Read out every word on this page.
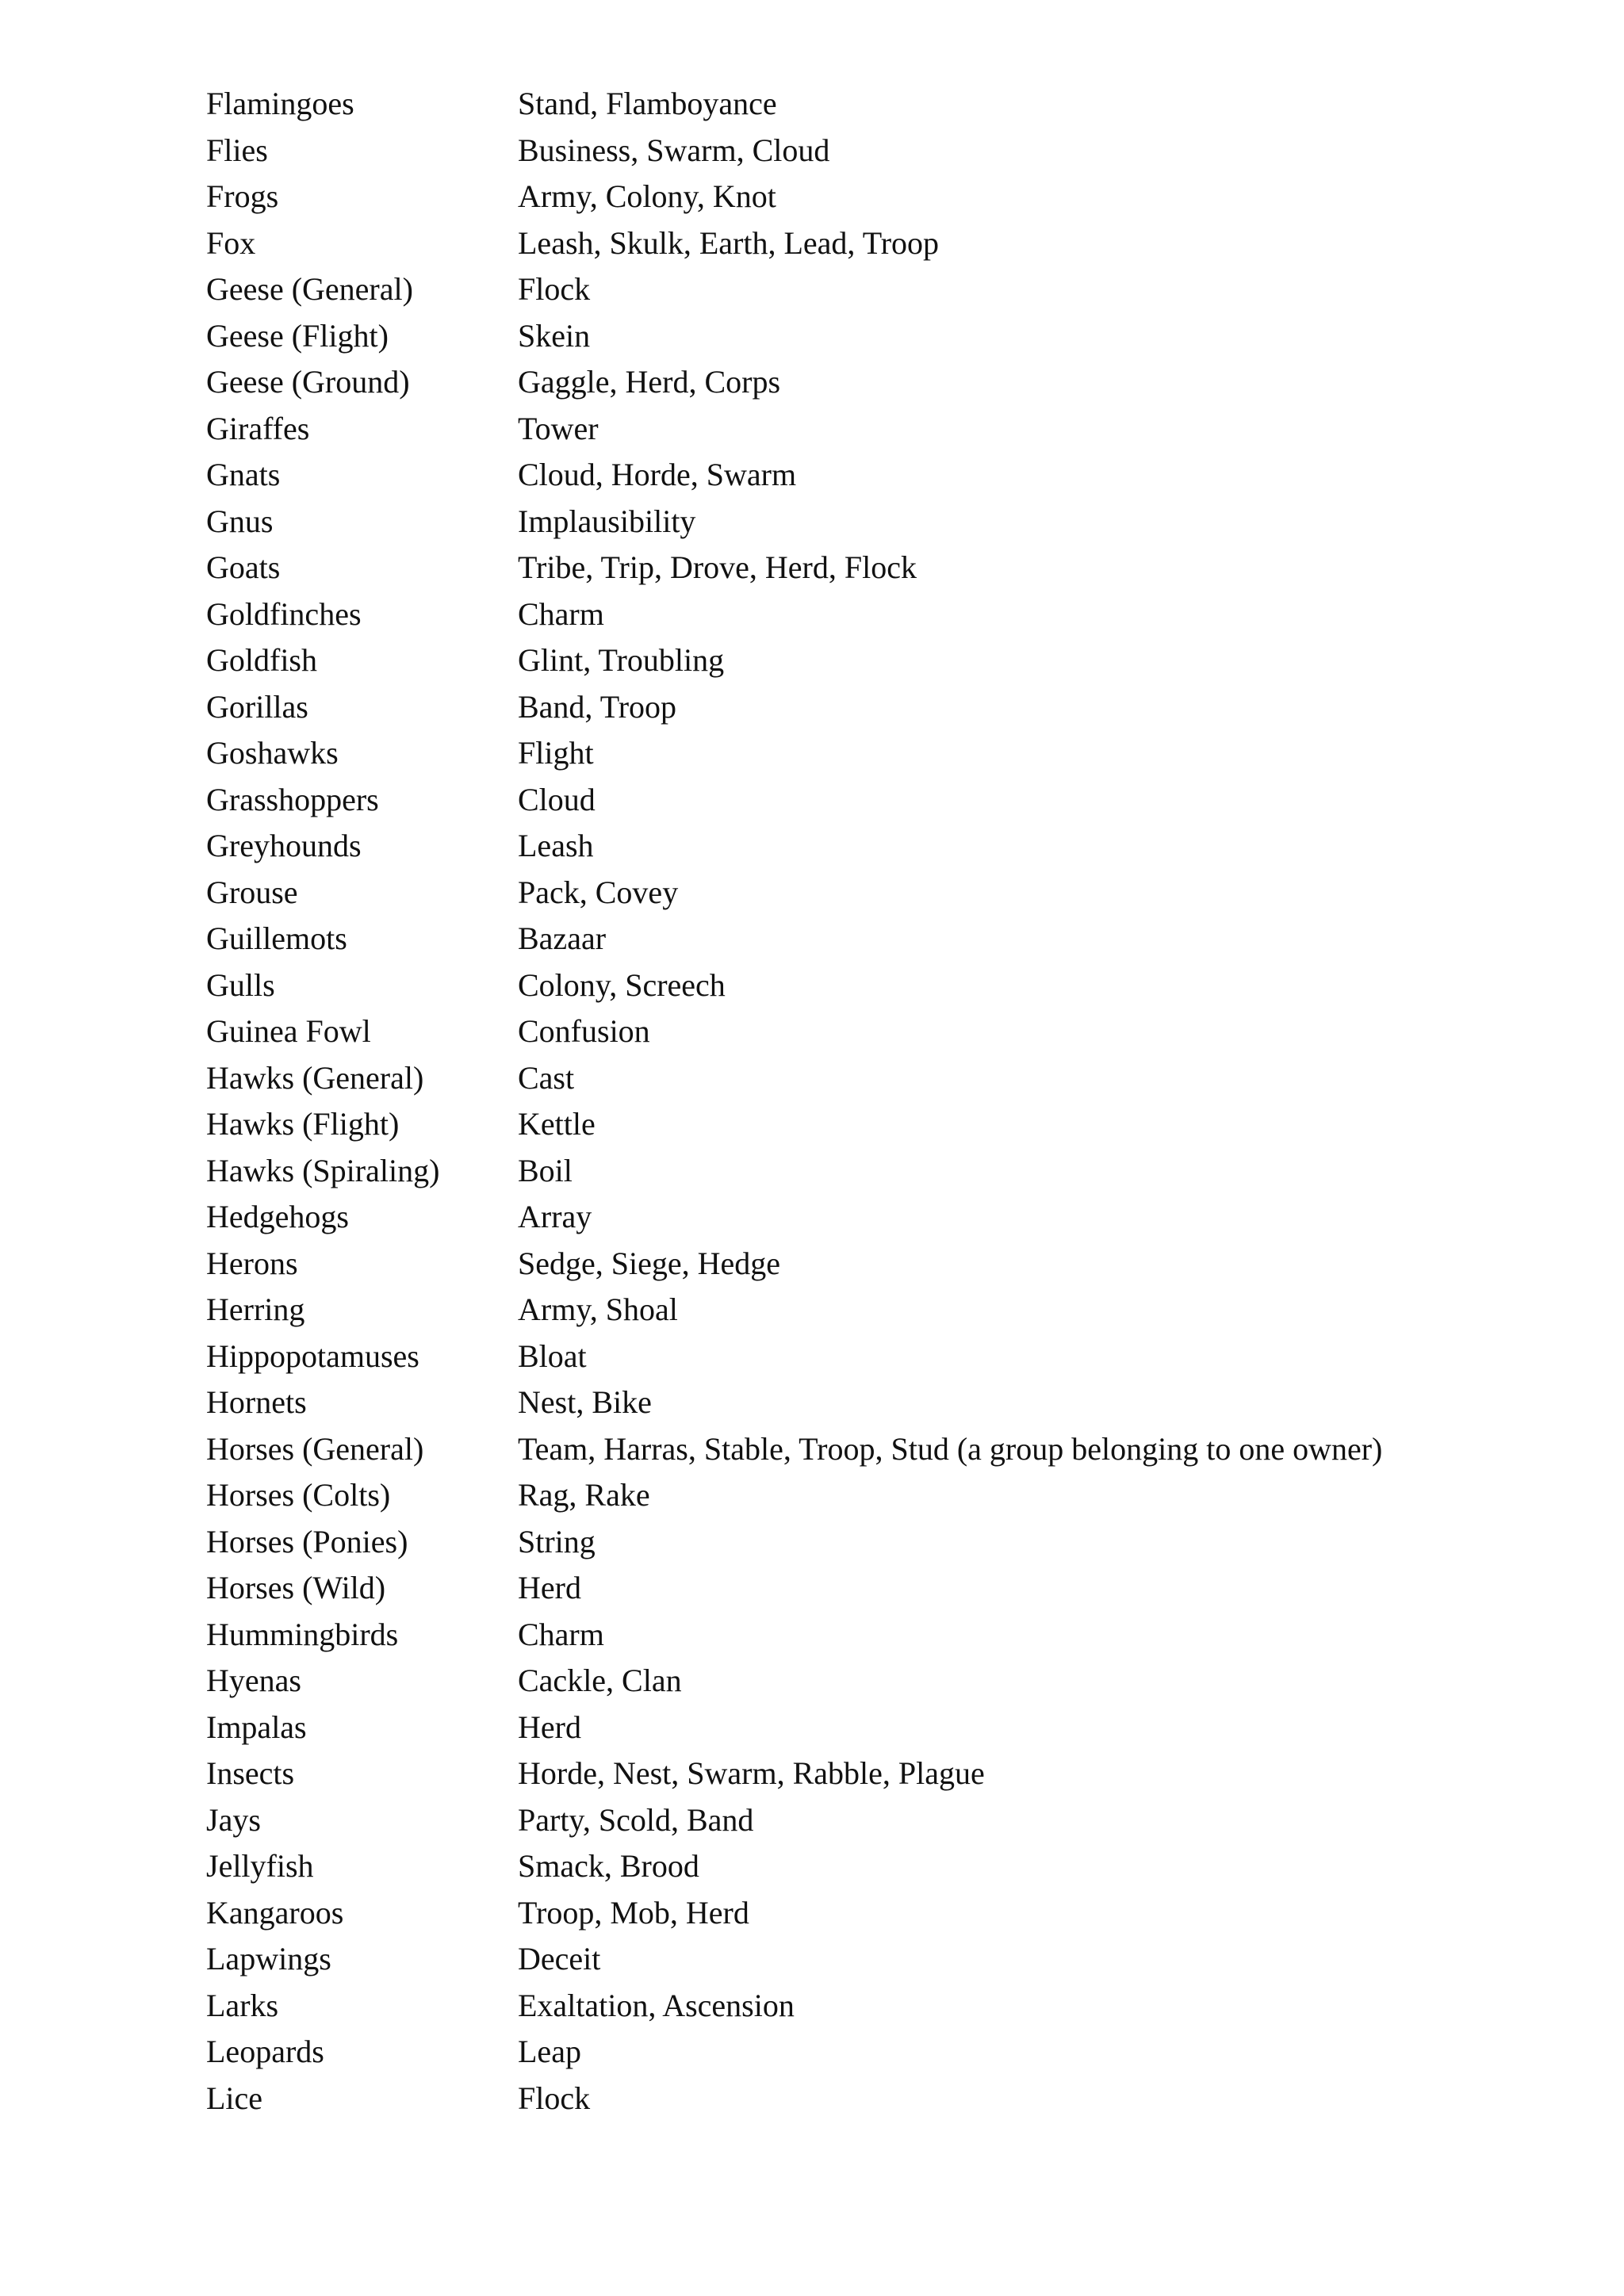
Flamingoes	Stand, Flamboyance
Flies	Business, Swarm, Cloud
Frogs	Army, Colony, Knot
Fox	Leash, Skulk, Earth, Lead, Troop
Geese (General)	Flock
Geese (Flight)	Skein
Geese (Ground)	Gaggle, Herd, Corps
Giraffes	Tower
Gnats	Cloud, Horde, Swarm
Gnus	Implausibility
Goats	Tribe, Trip, Drove, Herd, Flock
Goldfinches	Charm
Goldfish	Glint, Troubling
Gorillas	Band, Troop
Goshawks	Flight
Grasshoppers	Cloud
Greyhounds	Leash
Grouse	Pack, Covey
Guillemots	Bazaar
Gulls	Colony, Screech
Guinea Fowl	Confusion
Hawks (General)	Cast
Hawks (Flight)	Kettle
Hawks (Spiraling)	Boil
Hedgehogs	Array
Herons	Sedge, Siege, Hedge
Herring	Army, Shoal
Hippopotamuses	Bloat
Hornets	Nest, Bike
Horses (General)	Team, Harras, Stable, Troop, Stud (a group belonging to one owner)
Horses (Colts)	Rag, Rake
Horses (Ponies)	String
Horses (Wild)	Herd
Hummingbirds	Charm
Hyenas	Cackle, Clan
Impalas	Herd
Insects	Horde, Nest, Swarm, Rabble, Plague
Jays	Party, Scold, Band
Jellyfish	Smack, Brood
Kangaroos	Troop, Mob, Herd
Lapwings	Deceit
Larks	Exaltation, Ascension
Leopards	Leap
Lice	Flock
